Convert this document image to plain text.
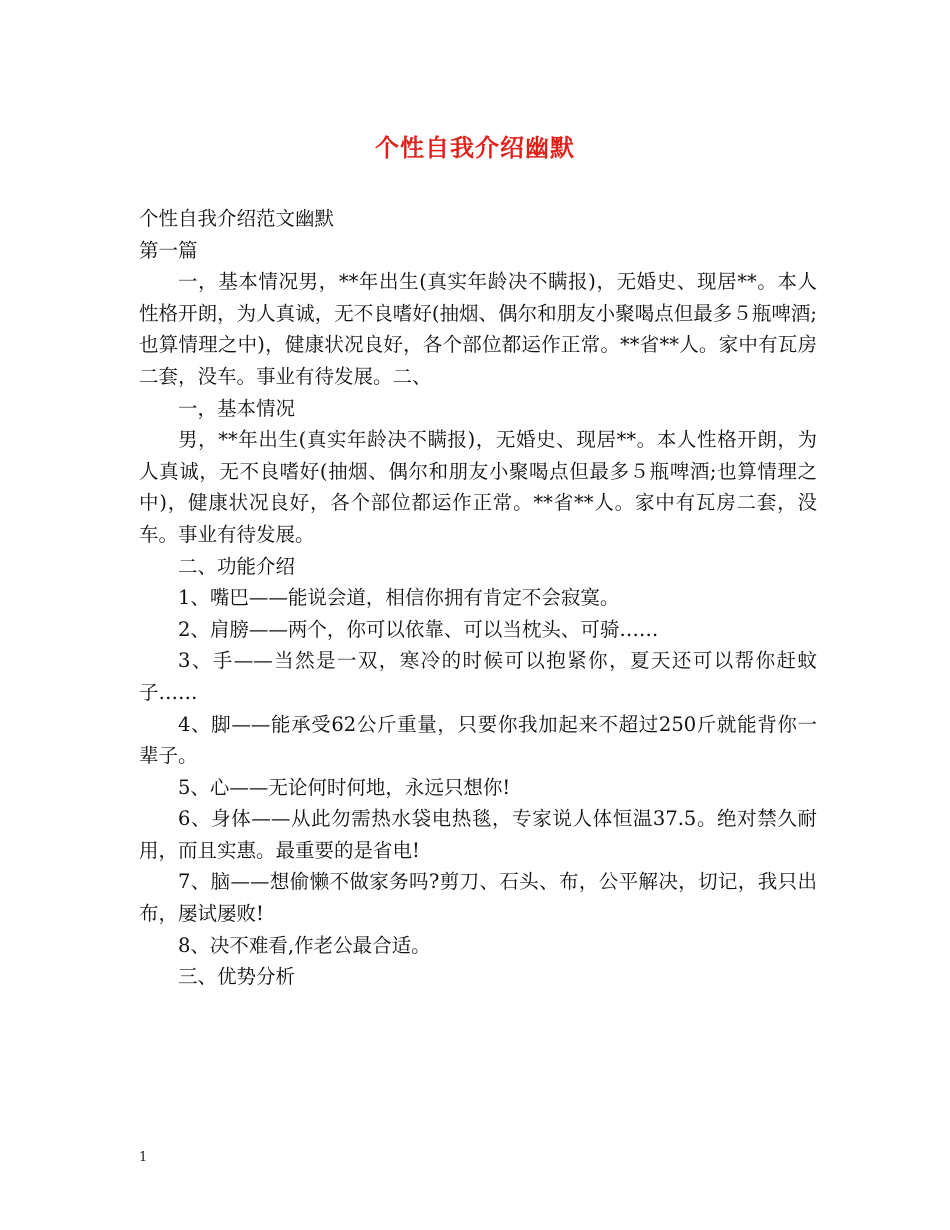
个性自我介绍幽默

个性自我介绍范文幽默

第一篇

一，基本情况男，**年出生(真实年龄决不瞒报)，无婚史、现居**。本人性格开朗，为人真诚，无不良嗜好(抽烟、偶尔和朋友小聚喝点但最多５瓶啤酒;也算情理之中)，健康状况良好，各个部位都运作正常。**省**人。家中有瓦房二套，没车。事业有待发展。二、

一，基本情况

男，**年出生(真实年龄决不瞒报)，无婚史、现居**。本人性格开朗，为人真诚，无不良嗜好(抽烟、偶尔和朋友小聚喝点但最多５瓶啤酒;也算情理之中)，健康状况良好，各个部位都运作正常。**省**人。家中有瓦房二套，没车。事业有待发展。

二、功能介绍

1、嘴巴——能说会道，相信你拥有肯定不会寂寞。

2、肩膀——两个，你可以依靠、可以当枕头、可骑……

3、手——当然是一双，寒冷的时候可以抱紧你，夏天还可以帮你赶蚊子……

4、脚——能承受62公斤重量，只要你我加起来不超过250斤就能背你一辈子。

5、心——无论何时何地，永远只想你!

6、身体——从此勿需热水袋电热毯，专家说人体恒温37.5。绝对禁久耐用，而且实惠。最重要的是省电!

7、脑——想偷懒不做家务吗?剪刀、石头、布，公平解决，切记，我只出布，屡试屡败!

8、决不难看,作老公最合适。

三、优势分析

1
